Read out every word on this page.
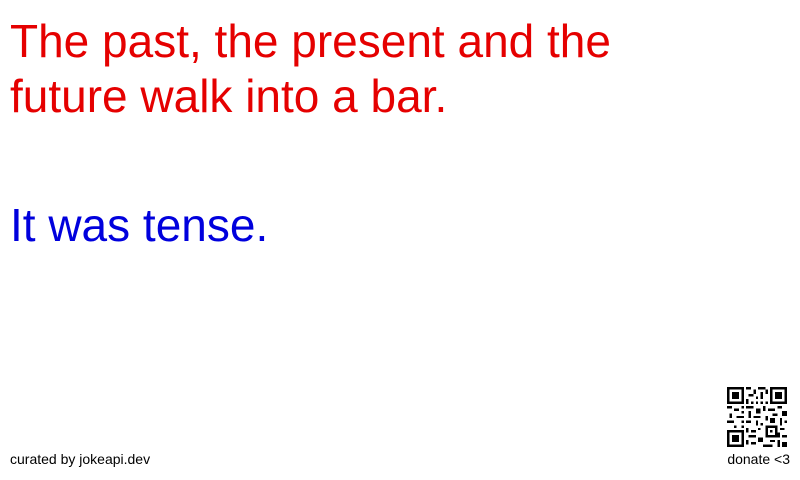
The past, the present and the future walk into a bar.

It was tense.

curated by jokeapi.dev	donate <3
